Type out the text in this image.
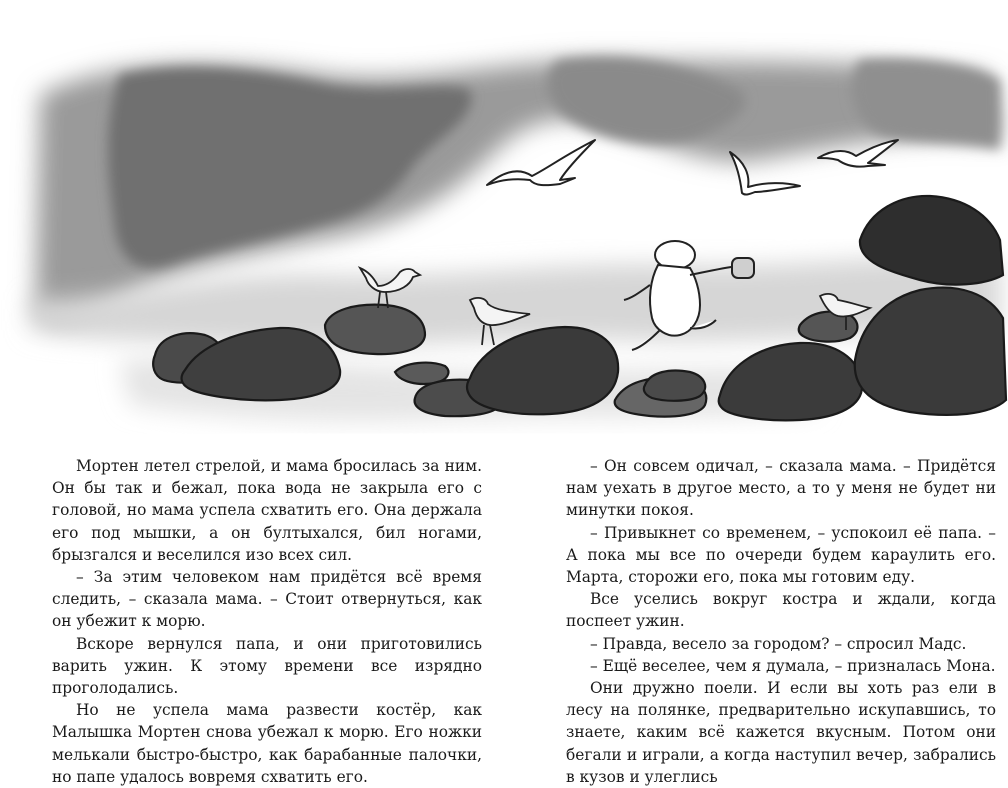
Мортен летел стрелой, и мама бросилась за ним. Он бы так и бежал, пока вода не закрыла его с головой, но мама успела схватить его. Она держала его под мышки, а он бултыхался, бил ногами, брызгался и веселился изо всех сил.

– За этим человеком нам придётся всё время следить, – сказала мама. – Стоит отвернуться, как он убежит к морю.

Вскоре вернулся папа, и они приготовились варить ужин. К этому времени все изрядно проголодались.

Но не успела мама развести костёр, как Малышка Мортен снова убежал к морю. Его ножки мелькали быстро-быстро, как барабанные палочки, но папе удалось вовремя схватить его.

– Он совсем одичал, – сказала мама. – Придётся нам уехать в другое место, а то у меня не будет ни минутки покоя.

– Привыкнет со временем, – успокоил её папа. – А пока мы все по очереди будем караулить его. Марта, сторожи его, пока мы готовим еду.

Все уселись вокруг костра и ждали, когда поспеет ужин.

– Правда, весело за городом? – спросил Мадс.

– Ещё веселее, чем я думала, – призналась Мона.

Они дружно поели. И если вы хоть раз ели в лесу на полянке, предварительно искупавшись, то знаете, каким всё кажется вкусным. Потом они бегали и играли, а когда наступил вечер, забрались в кузов и улеглись
